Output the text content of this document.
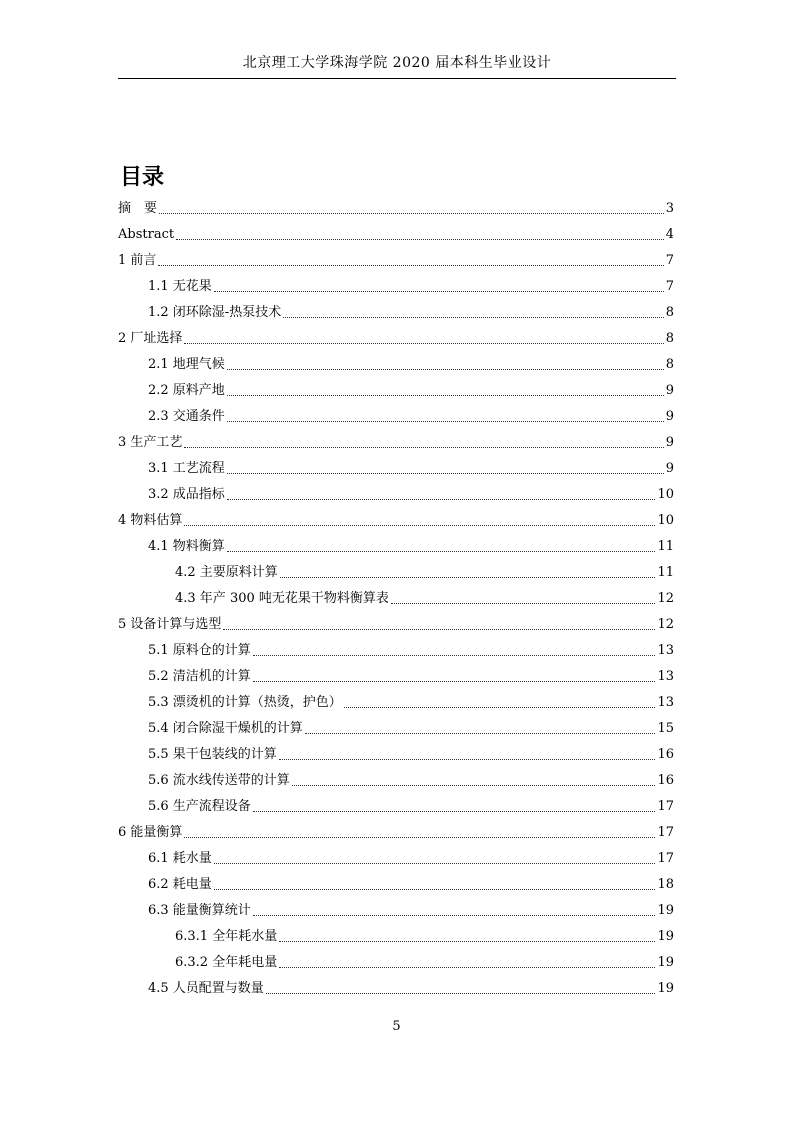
北京理工大学珠海学院 2020 届本科生毕业设计
目录
摘　要	3
Abstract	4
1 前言	7
1.1 无花果	7
1.2 闭环除湿-热泵技术	8
2 厂址选择	8
2.1 地理气候	8
2.2 原料产地	9
2.3 交通条件	9
3 生产工艺	9
3.1 工艺流程	9
3.2 成品指标	10
4 物料估算	10
4.1 物料衡算	11
4.2 主要原料计算	11
4.3 年产 300 吨无花果干物料衡算表	12
5 设备计算与选型	12
5.1 原料仓的计算	13
5.2 清洁机的计算	13
5.3 漂烫机的计算（热烫，护色）	13
5.4 闭合除湿干燥机的计算	15
5.5 果干包装线的计算	16
5.6 流水线传送带的计算	16
5.6 生产流程设备	17
6 能量衡算	17
6.1 耗水量	17
6.2 耗电量	18
6.3 能量衡算统计	19
6.3.1 全年耗水量	19
6.3.2 全年耗电量	19
4.5 人员配置与数量	19
5
